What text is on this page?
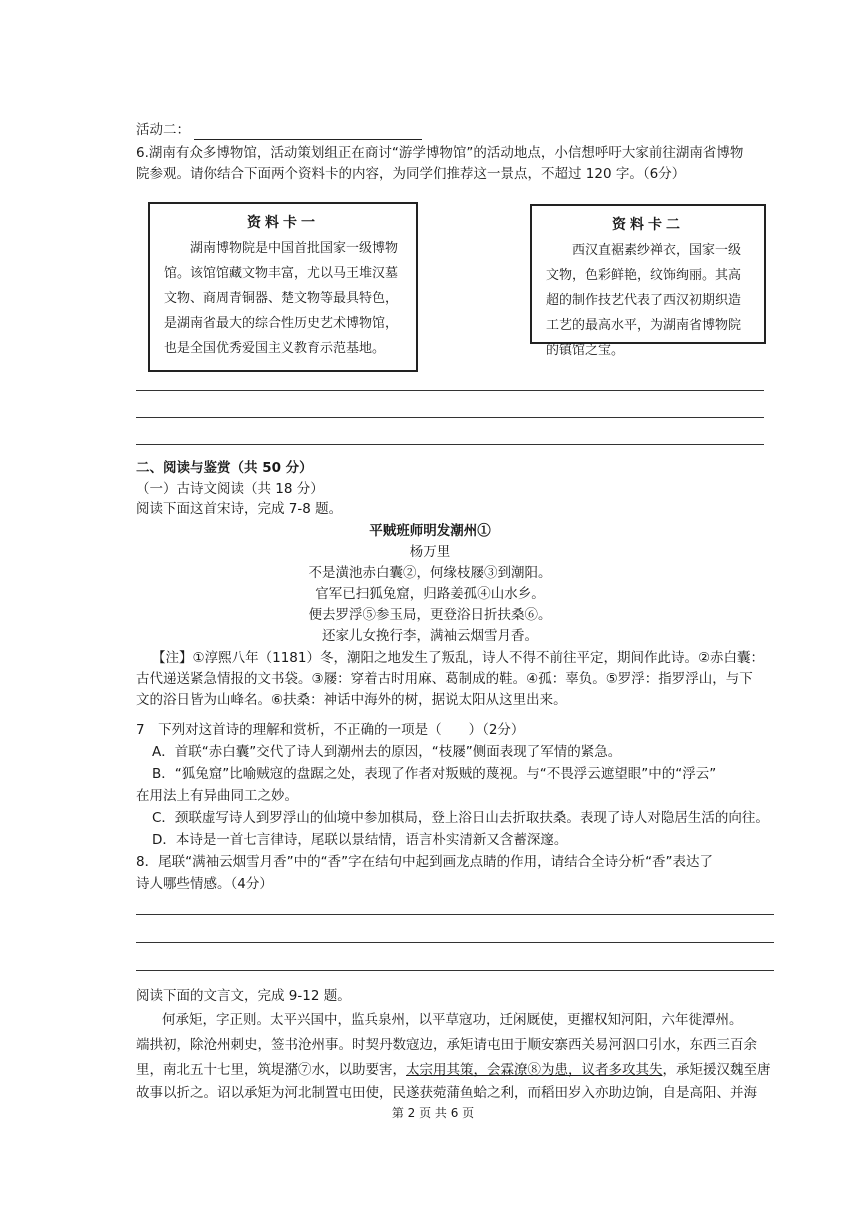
活动二：
6.湖南有众多博物馆，活动策划组正在商讨“游学博物馆”的活动地点，小信想呼吁大家前往湖南省博物
院参观。请你结合下面两个资料卡的内容，为同学们推荐这一景点，不超过 120 字。（6分）
资料卡一
湖南博物院是中国首批国家一级博物馆。该馆馆藏文物丰富，尤以马王堆汉墓文物、商周青铜器、楚文物等最具特色，是湖南省最大的综合性历史艺术博物馆，也是全国优秀爱国主义教育示范基地。
资料卡二
西汉直裾素纱禅衣，国家一级文物，色彩鲜艳，纹饰绚丽。其高超的制作技艺代表了西汉初期织造工艺的最高水平，为湖南省博物院的镇馆之宝。
二、阅读与鉴赏（共 50 分）
（一）古诗文阅读（共 18 分）
阅读下面这首宋诗，完成 7-8 题。
平贼班师明发潮州①
杨万里
不是潢池赤白囊②，何缘枝屦③到潮阳。
官军已扫狐兔窟，归路姜孤④山水乡。
便去罗浮⑤参玉局，更登浴日折扶桑⑥。
还家儿女挽行李，满袖云烟雪月香。
【注】①淳熙八年（1181）冬，潮阳之地发生了叛乱，诗人不得不前往平定，期间作此诗。②赤白囊：
古代递送紧急情报的文书袋。③屦：穿着古时用麻、葛制成的鞋。④孤：辜负。⑤罗浮：指罗浮山，与下
文的浴日皆为山峰名。⑥扶桑：神话中海外的树，据说太阳从这里出来。
7　下列对这首诗的理解和赏析，不正确的一项是（　　）（2分）
A．首联“赤白囊”交代了诗人到潮州去的原因，“枝屦”侧面表现了军情的紧急。
B．“狐兔窟”比喻贼寇的盘踞之处，表现了作者对叛贼的蔑视。与“不畏浮云遮望眼”中的“浮云”
在用法上有异曲同工之妙。
C．颈联虚写诗人到罗浮山的仙境中参加棋局，登上浴日山去折取扶桑。表现了诗人对隐居生活的向往。
D．本诗是一首七言律诗，尾联以景结情，语言朴实清新又含蓄深邃。
8．尾联“满袖云烟雪月香”中的“香”字在结句中起到画龙点睛的作用，请结合全诗分析“香”表达了
诗人哪些情感。（4分）
阅读下面的文言文，完成 9-12 题。
何承矩，字正则。太平兴国中，监兵泉州，以平草寇功，迁闲厩使，更擢权知河阳，六年徙潭州。
端拱初，除沧州刺史，签书沧州事。时契丹数寇边，承矩请屯田于顺安寨西关易河泅口引水，东西三百余
里，南北五十七里，筑堤潴⑦水，以助要害，太宗用其策，会霖潦⑧为患，议者多攻其失，承矩援汉魏至唐
故事以折之。诏以承矩为河北制置屯田使，民遂获菀蒲鱼蛤之利，而稻田岁入亦助边饷，自是高阳、并海
第 2 页 共 6 页
